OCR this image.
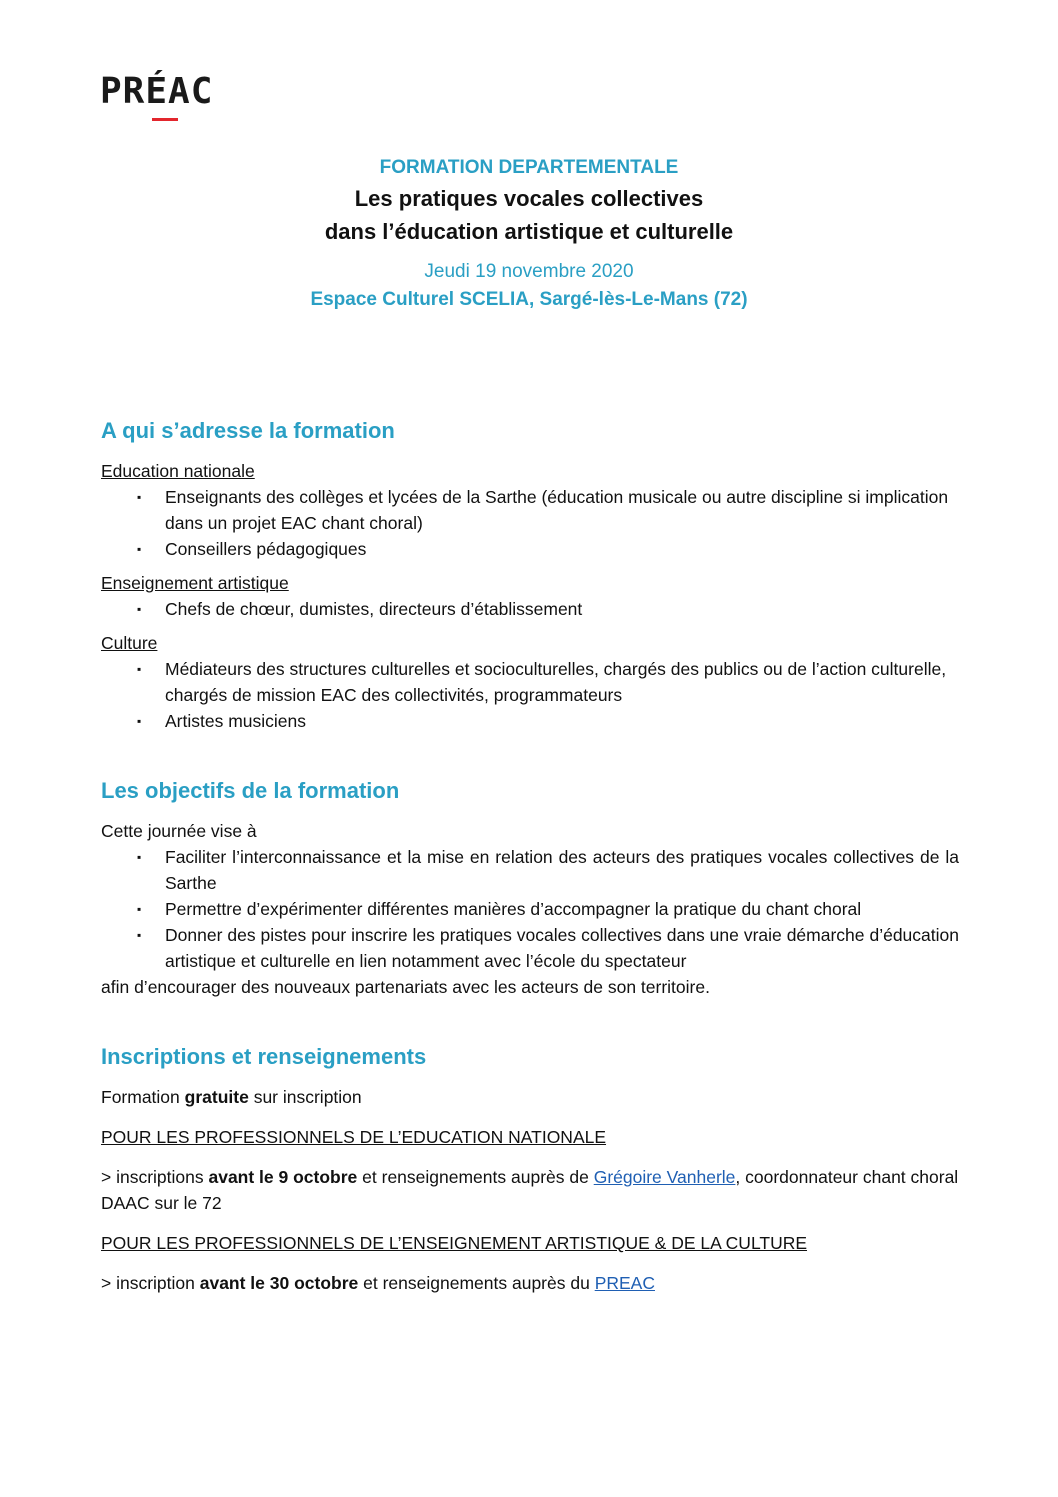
PRÉAC
FORMATION DEPARTEMENTALE
Les pratiques vocales collectives
dans l’éducation artistique et culturelle
Jeudi 19 novembre 2020
Espace Culturel SCELIA, Sargé-lès-Le-Mans (72)
A qui s’adresse la formation

Education nationale

▪ Enseignants des collèges et lycées de la Sarthe (éducation musicale ou autre discipline si implication dans un projet EAC chant choral)
▪ Conseillers pédagogiques

Enseignement artistique

▪ Chefs de chœur, dumistes, directeurs d’établissement

Culture

▪ Médiateurs des structures culturelles et socioculturelles, chargés des publics ou de l’action culturelle, chargés de mission EAC des collectivités, programmateurs
▪ Artistes musiciens
Les objectifs de la formation

Cette journée vise à

▪ Faciliter l’interconnaissance et la mise en relation des acteurs des pratiques vocales collectives de la Sarthe
▪ Permettre d’expérimenter différentes manières d’accompagner la pratique du chant choral
▪ Donner des pistes pour inscrire les pratiques vocales collectives dans une vraie démarche d’éducation artistique et culturelle en lien notamment avec l’école du spectateur

afin d’encourager des nouveaux partenariats avec les acteurs de son territoire.

Inscriptions et renseignements

Formation gratuite sur inscription

POUR LES PROFESSIONNELS DE L’EDUCATION NATIONALE

> inscriptions avant le 9 octobre et renseignements auprès de Grégoire Vanherle, coordonnateur chant choral DAAC sur le 72

POUR LES PROFESSIONNELS DE L’ENSEIGNEMENT ARTISTIQUE & DE LA CULTURE

> inscription avant le 30 octobre et renseignements auprès du PREAC
